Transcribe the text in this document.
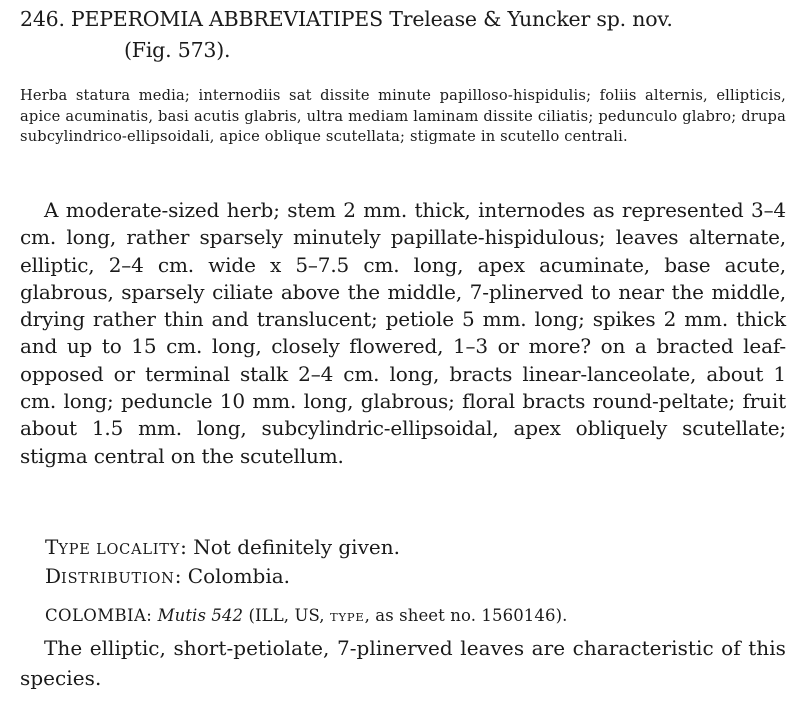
246. PEPEROMIA ABBREVIATIPES Trelease & Yuncker sp. nov.
(Fig. 573).
Herba statura media; internodiis sat dissite minute papilloso-hispidulis; foliis alternis, ellipticis, apice acuminatis, basi acutis glabris, ultra mediam laminam dissite ciliatis; pedunculo glabro; drupa subcylindrico-ellipsoidali, apice oblique scutellata; stigmate in scutello centrali.
A moderate-sized herb; stem 2 mm. thick, internodes as represented 3–4 cm. long, rather sparsely minutely papillate-hispidulous; leaves alternate, elliptic, 2–4 cm. wide x 5–7.5 cm. long, apex acuminate, base acute, glabrous, sparsely ciliate above the middle, 7-plinerved to near the middle, drying rather thin and translucent; petiole 5 mm. long; spikes 2 mm. thick and up to 15 cm. long, closely flowered, 1–3 or more? on a bracted leaf-opposed or terminal stalk 2–4 cm. long, bracts linear-lanceolate, about 1 cm. long; peduncle 10 mm. long, glabrous; floral bracts round-peltate; fruit about 1.5 mm. long, subcylindric-ellipsoidal, apex obliquely scutellate; stigma central on the scutellum.
TYPE LOCALITY: Not definitely given.
DISTRIBUTION: Colombia.
COLOMBIA: Mutis 542 (ILL, US, TYPE, as sheet no. 1560146).
The elliptic, short-petiolate, 7-plinerved leaves are characteristic of this species.
